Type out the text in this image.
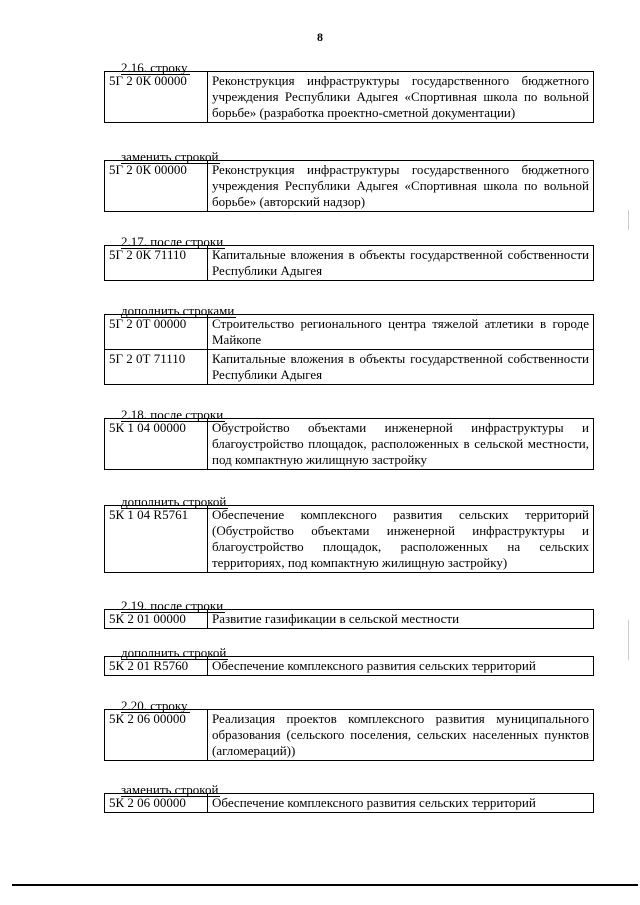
8
2.16. строку
5Г 2 0К 00000	Реконструкция инфраструктуры государственного бюджетного учреждения Республики Адыгея «Спортивная школа по вольной борьбе» (разработка проектно-сметной документации)
заменить строкой
5Г 2 0К 00000	Реконструкция инфраструктуры государственного бюджетного учреждения Республики Адыгея «Спортивная школа по вольной борьбе» (авторский надзор)
2.17. после строки
5Г 2 0К 71110	Капитальные вложения в объекты государственной собственности Республики Адыгея
дополнить строками
5Г 2 0Т 00000	Строительство регионального центра тяжелой атлетики в городе Майкопе
5Г 2 0Т 71110	Капитальные вложения в объекты государственной собственности Республики Адыгея
2.18. после строки
5К 1 04 00000	Обустройство объектами инженерной инфраструктуры и благоустройство площадок, расположенных в сельской местности, под компактную жилищную застройку
дополнить строкой
5К 1 04 R5761	Обеспечение комплексного развития сельских территорий (Обустройство объектами инженерной инфраструктуры и благоустройство площадок, расположенных на сельских территориях, под компактную жилищную застройку)
2.19. после строки
5К 2 01 00000	Развитие газификации в сельской местности
дополнить строкой
5К 2 01 R5760	Обеспечение комплексного развития сельских территорий
2.20. строку
5К 2 06 00000	Реализация проектов комплексного развития муниципального образования (сельского поселения, сельских населенных пунктов (агломераций))
заменить строкой
5К 2 06 00000	Обеспечение комплексного развития сельских территорий
